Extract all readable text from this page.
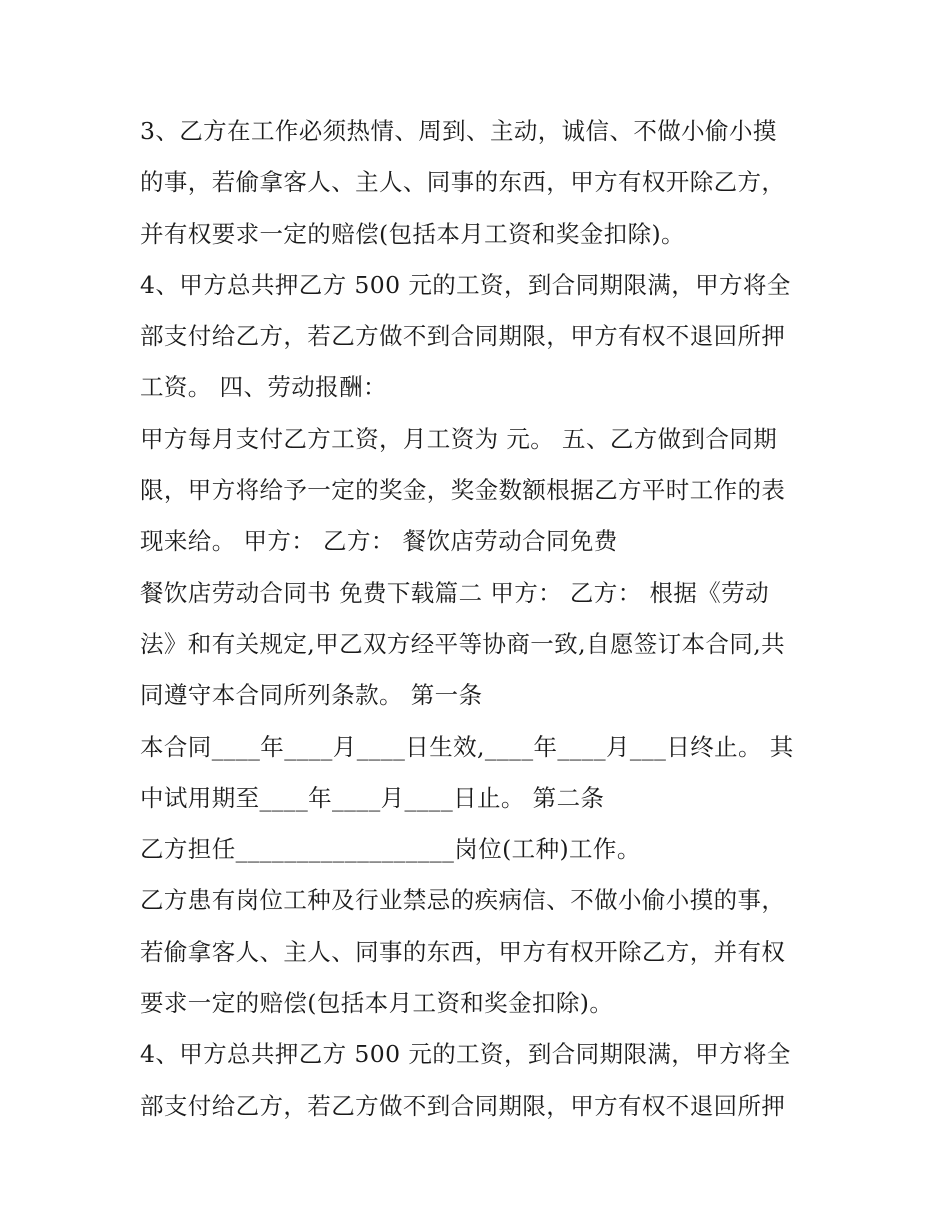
3、乙方在工作必须热情、周到、主动，诚信、不做小偷小摸
的事，若偷拿客人、主人、同事的东西，甲方有权开除乙方，
并有权要求一定的赔偿(包括本月工资和奖金扣除)。
4、甲方总共押乙方 500 元的工资，到合同期限满，甲方将全
部支付给乙方，若乙方做不到合同期限，甲方有权不退回所押
工资。 四、劳动报酬：
甲方每月支付乙方工资，月工资为 元。 五、乙方做到合同期
限，甲方将给予一定的奖金，奖金数额根据乙方平时工作的表
现来给。 甲方： 乙方： 餐饮店劳动合同免费
餐饮店劳动合同书 免费下载篇二 甲方： 乙方： 根据《劳动
法》和有关规定,甲乙双方经平等协商一致,自愿签订本合同,共
同遵守本合同所列条款。 第一条
本合同____年____月____日生效,____年____月___日终止。 其
中试用期至____年____月____日止。 第二条
乙方担任__________________岗位(工种)工作。
乙方患有岗位工种及行业禁忌的疾病信、不做小偷小摸的事，
若偷拿客人、主人、同事的东西，甲方有权开除乙方，并有权
要求一定的赔偿(包括本月工资和奖金扣除)。
4、甲方总共押乙方 500 元的工资，到合同期限满，甲方将全
部支付给乙方，若乙方做不到合同期限，甲方有权不退回所押
